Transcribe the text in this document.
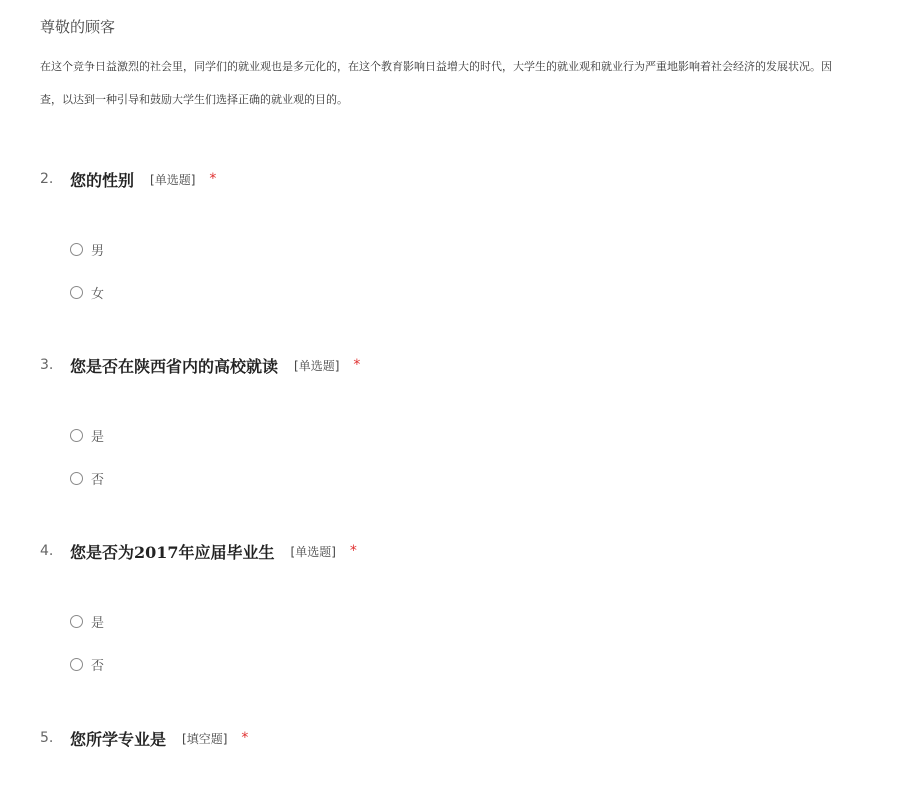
尊敬的顾客
在这个竞争日益激烈的社会里，同学们的就业观也是多元化的，在这个教育影响日益增大的时代，大学生的就业观和就业行为严重地影响着社会经济的发展状况。因
查，以达到一种引导和鼓励大学生们选择正确的就业观的目的。
2.	您的性别 [单选题] *
男
女
3.	您是否在陕西省内的高校就读 [单选题] *
是
否
4.	您是否为2017年应届毕业生 [单选题] *
是
否
5.	您所学专业是 [填空题] *
